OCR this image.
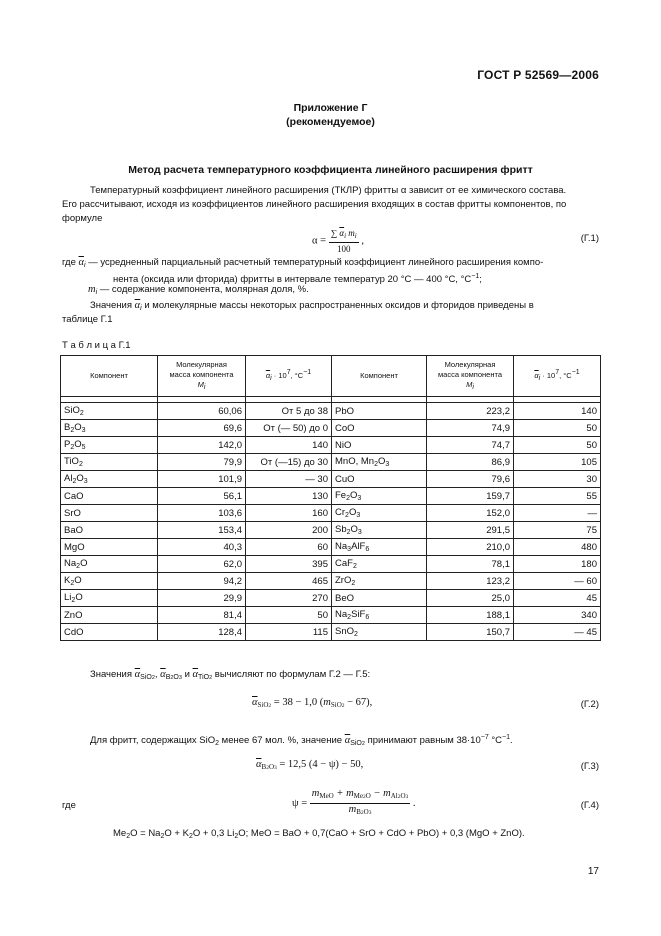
ГОСТ Р 52569—2006
Приложение Г
(рекомендуемое)
Метод расчета температурного коэффициента линейного расширения фритт
Температурный коэффициент линейного расширения (ТКЛР) фритты α зависит от ее химического состава.
Его рассчитывают, исходя из коэффициентов линейного расширения входящих в состав фритты компонентов, по
формуле
$\alpha = \frac{\sum \overline{\alpha}_i m_i}{100}$ ,	(Г.1)
где $\overline{\alpha}_i$ — усредненный парциальный расчетный температурный коэффициент линейного расширения компо-
нента (оксида или фторида) фритты в интервале температур 20 °С — 400 °С, $^\circ С^{-1}$;
$m_i$ — содержание компонента, молярная доля, %.
Значения $\overline{\alpha}_i$ и молекулярные массы некоторых распространенных оксидов и фторидов приведены в
таблице Г.1
Т а б л и ц а Г.1
Компонент	Молекулярная
масса компонента
$M_i$	$\overline{\alpha}_i \cdot 10^7$, $^\circ С^{-1}$	Компонент	Молекулярная
масса компонента
$M_i$	$\overline{\alpha}_i \cdot 10^7$, $^\circ С^{-1}$

SiO$_2$	60,06	От 5 до 38	PbO	223,2	140
$B_2O_3$	69,6	От (— 50) до 0	CoO	74,9	50
$P_2O_5$	142,0	140	NiO	74,7	50
TiO$_2$	79,9	От (—15) до 30	MnO, $Mn_2O_3$	86,9	105
$Al_2O_3$	101,9	— 30	CuO	79,6	30
CaO	56,1	130	$Fe_2O_3$	159,7	55
SrO	103,6	160	$Cr_2O_3$	152,0	—
BaO	153,4	200	$Sb_2O_3$	291,5	75
MgO	40,3	60	$Na_3AlF_6$	210,0	480
$Na_2O$	62,0	395	CaF$_2$	78,1	180
$K_2O$	94,2	465	ZrO$_2$	123,2	— 60
$Li_2O$	29,9	270	BeO	25,0	45
ZnO	81,4	50	$Na_2SiF_6$	188,1	340
CdO	128,4	115	SnO$_2$	150,7	— 45
Значения $\overline{\alpha}_{SiO2}$, $\overline{\alpha}_{B2O3}$ и $\overline{\alpha}_{TiO2}$ вычисляют по формулам Г.2 — Г.5:
$\overline{\alpha}_{SiO2} = 38 - 1,0$ $(m_{SiO2} - 67)$,	(Г.2)
Для фритт, содержащих SiO$_2$ менее 67 мол. %, значение $\overline{\alpha}_{SiO2}$ принимают равным $38\cdot 10^{-7}$ $^\circ С^{-1}$.
$\overline{\alpha}_{B2O3} = 12,5$ (4 − ψ) − 50,	(Г.3)
где	$\psi = \frac{m_{MeO} + m_{Me2O} - m_{Al2O3}}{m_{B2O3}}$ .	(Г.4)
$Me_2O = Na_2O + K_2O + 0,3$ $Li_2O$; MeO = BaO + 0,7(CaO + SrO + CdO + PbO) + 0,3 (MgO + ZnO).
17
